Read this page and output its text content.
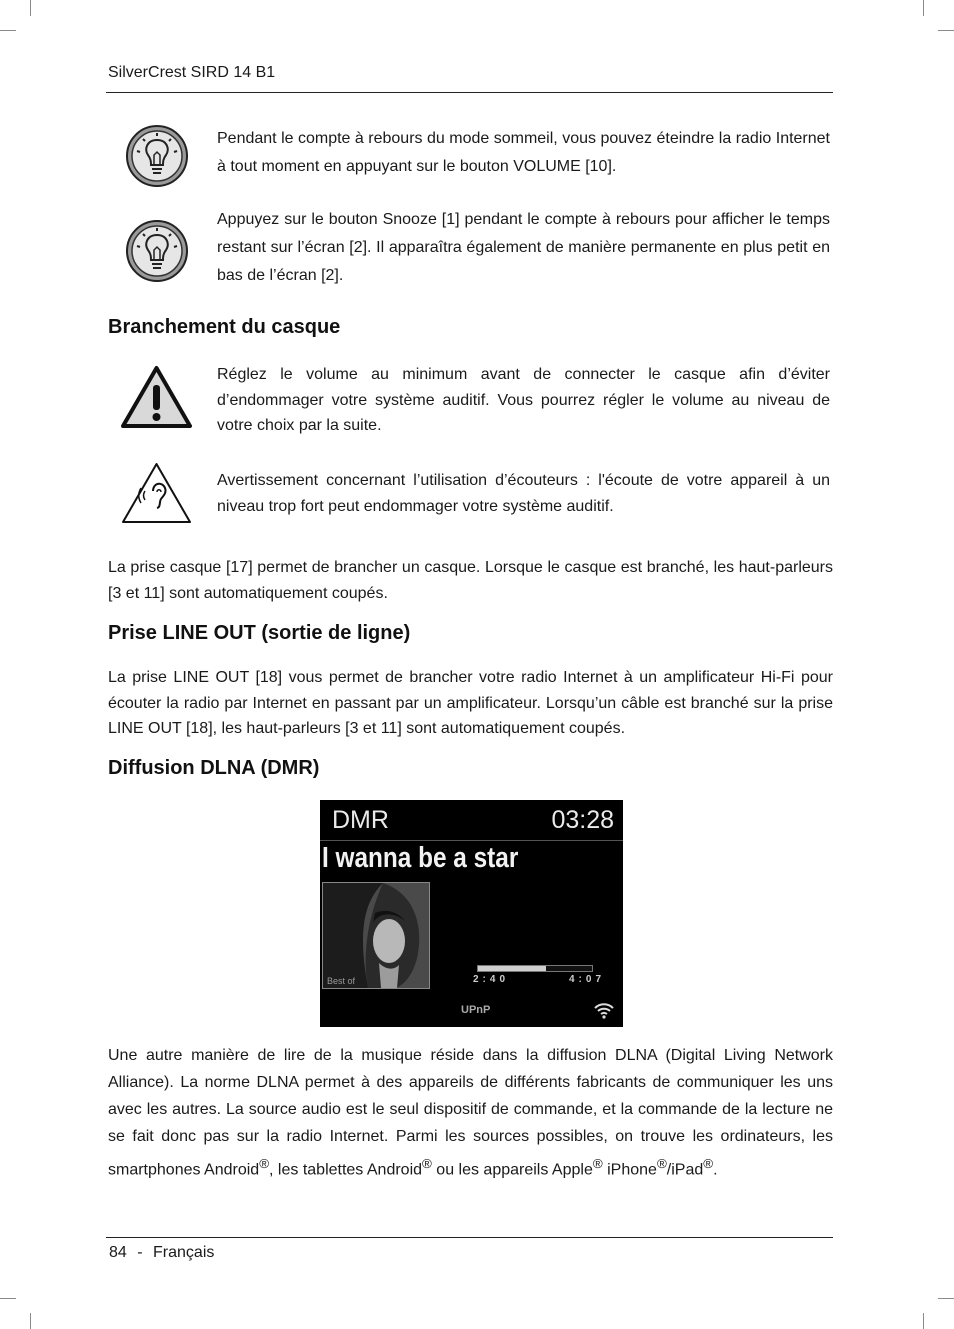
SilverCrest SIRD 14 B1
Pendant le compte à rebours du mode sommeil, vous pouvez éteindre la radio Internet à tout moment en appuyant sur le bouton VOLUME [10].
Appuyez sur le bouton Snooze [1] pendant le compte à rebours pour afficher le temps restant sur l’écran [2]. Il apparaîtra également de manière permanente en plus petit en bas de l’écran [2].
Branchement du casque
Réglez le volume au minimum avant de connecter le casque afin d’éviter d’endommager votre système auditif. Vous pourrez régler le volume au niveau de votre choix par la suite.
Avertissement concernant l’utilisation d’écouteurs : l'écoute de votre appareil à un niveau trop fort peut endommager votre système auditif.

La prise casque [17] permet de brancher un casque. Lorsque le casque est branché, les haut-parleurs [3 et 11] sont automatiquement coupés.

Prise LINE OUT (sortie de ligne)

La prise LINE OUT [18] vous permet de brancher votre radio Internet à un amplificateur Hi-Fi pour écouter la radio par Internet en passant par un amplificateur. Lorsqu’un câble est branché sur la prise LINE OUT [18], les haut-parleurs [3 et 11] sont automatiquement coupés.

Diffusion DLNA (DMR)
DMR	03:28
I wanna be a star
Best of	2:40	4:07
UPnP

Une autre manière de lire de la musique réside dans la diffusion DLNA (Digital Living Network Alliance). La norme DLNA permet à des appareils de différents fabricants de communiquer les uns avec les autres. La source audio est le seul dispositif de commande, et la commande de la lecture ne se fait donc pas sur la radio Internet. Parmi les sources possibles, on trouve les ordinateurs, les smartphones Android®, les tablettes Android® ou les appareils Apple® iPhone®/iPad®.

84 - Français
